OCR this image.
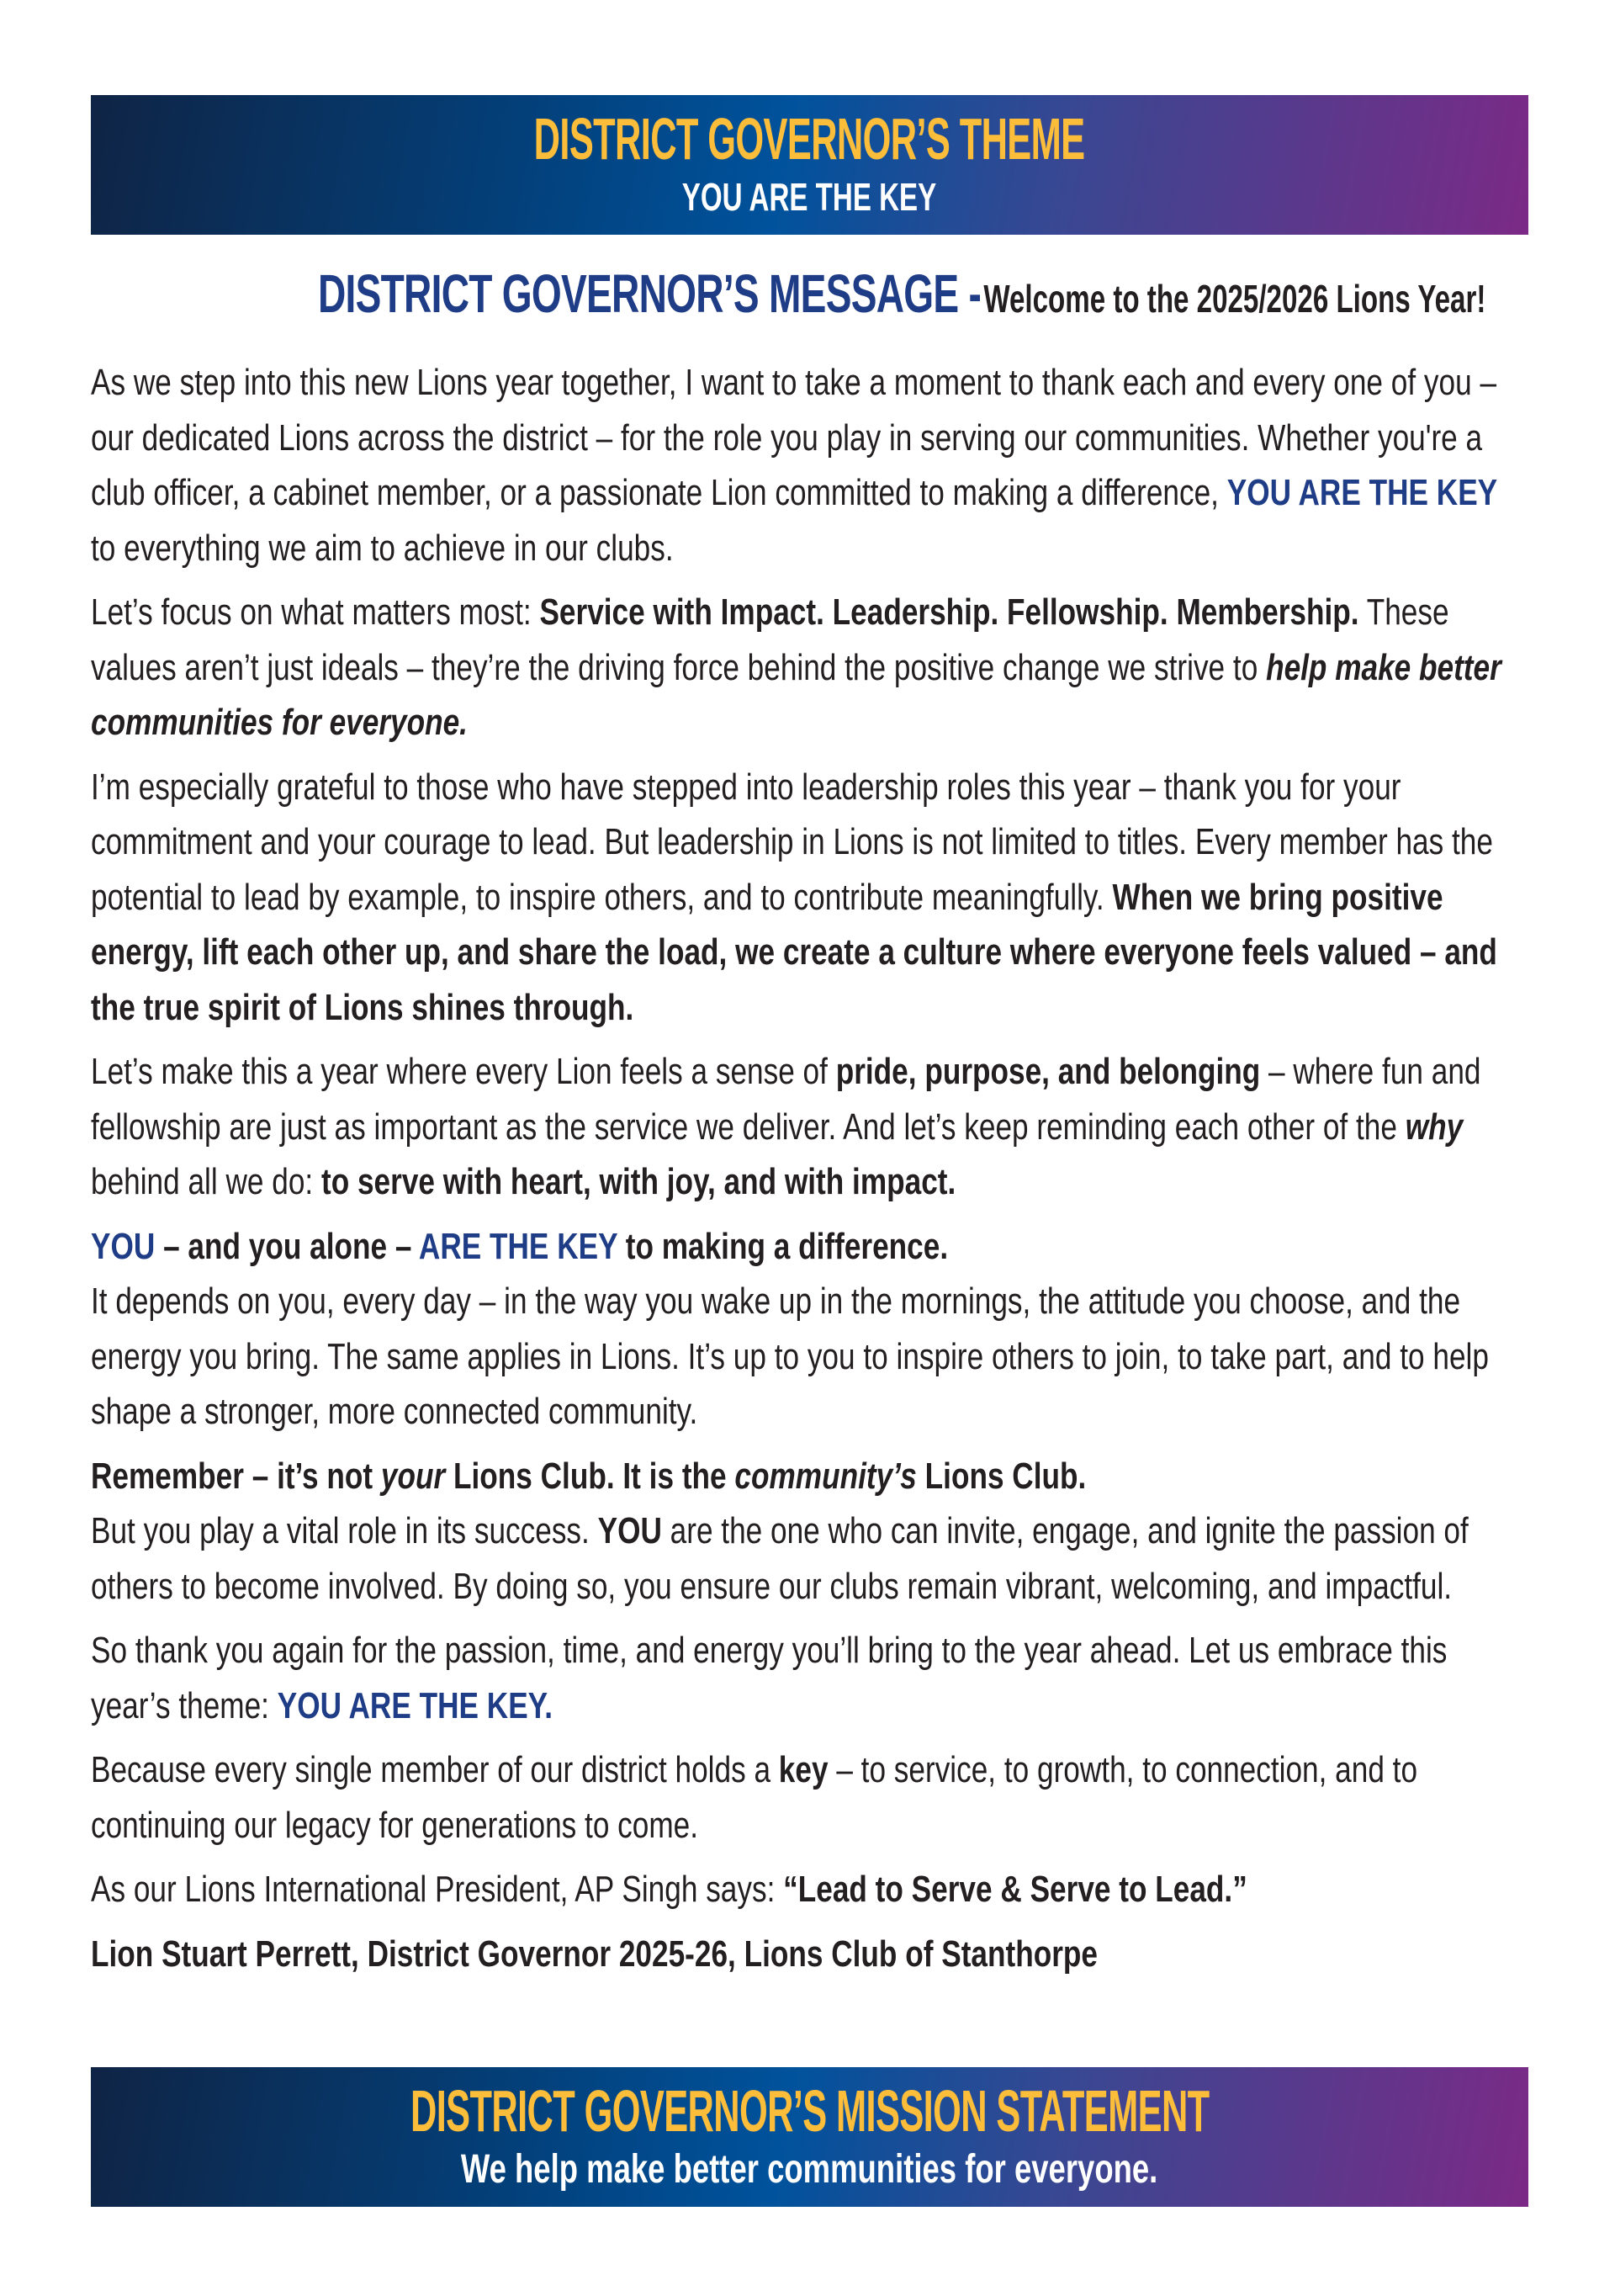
DISTRICT GOVERNOR’S THEME
YOU ARE THE KEY
DISTRICT GOVERNOR’S MESSAGE - Welcome to the 2025/2026 Lions Year!

As we step into this new Lions year together, I want to take a moment to thank each and every one of you – our dedicated Lions across the district – for the role you play in serving our communities. Whether you're a club officer, a cabinet member, or a passionate Lion committed to making a difference, YOU ARE THE KEY to everything we aim to achieve in our clubs.

Let’s focus on what matters most: Service with Impact. Leadership. Fellowship. Membership. These values aren’t just ideals – they’re the driving force behind the positive change we strive to help make better communities for everyone.

I’m especially grateful to those who have stepped into leadership roles this year – thank you for your commitment and your courage to lead. But leadership in Lions is not limited to titles. Every member has the potential to lead by example, to inspire others, and to contribute meaningfully. When we bring positive energy, lift each other up, and share the load, we create a culture where everyone feels valued – and the true spirit of Lions shines through.

Let’s make this a year where every Lion feels a sense of pride, purpose, and belonging – where fun and fellowship are just as important as the service we deliver. And let’s keep reminding each other of the why behind all we do: to serve with heart, with joy, and with impact.

YOU – and you alone – ARE THE KEY to making a difference.
It depends on you, every day – in the way you wake up in the mornings, the attitude you choose, and the energy you bring. The same applies in Lions. It’s up to you to inspire others to join, to take part, and to help shape a stronger, more connected community.

Remember – it’s not your Lions Club. It is the community’s Lions Club.
But you play a vital role in its success. YOU are the one who can invite, engage, and ignite the passion of others to become involved. By doing so, you ensure our clubs remain vibrant, welcoming, and impactful.

So thank you again for the passion, time, and energy you’ll bring to the year ahead. Let us embrace this year’s theme: YOU ARE THE KEY.

Because every single member of our district holds a key – to service, to growth, to connection, and to continuing our legacy for generations to come.

As our Lions International President, AP Singh says: “Lead to Serve & Serve to Lead.”

Lion Stuart Perrett, District Governor 2025-26, Lions Club of Stanthorpe

DISTRICT GOVERNOR’S MISSION STATEMENT
We help make better communities for everyone.
